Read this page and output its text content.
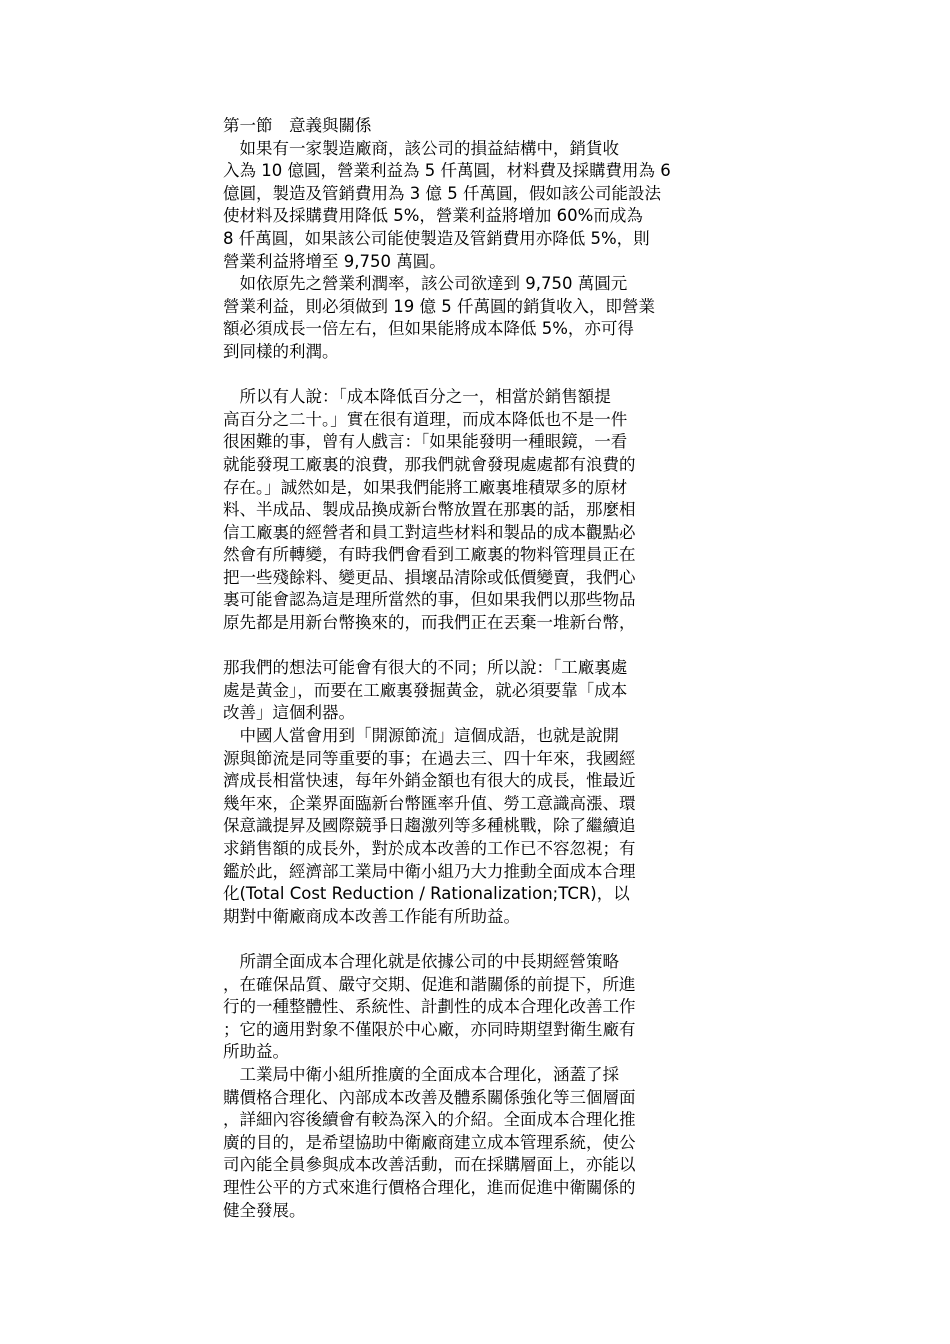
第一節　意義與關係
　如果有一家製造廠商，該公司的損益結構中，銷貨收
入為 10 億圓，營業利益為 5 仟萬圓，材料費及採購費用為 6
億圓，製造及管銷費用為 3 億 5 仟萬圓，假如該公司能設法
使材料及採購費用降低 5%，營業利益將增加 60%而成為
8 仟萬圓，如果該公司能使製造及管銷費用亦降低 5%，則
營業利益將增至 9,750 萬圓。
　如依原先之營業利潤率，該公司欲達到 9,750 萬圓元
營業利益，則必須做到 19 億 5 仟萬圓的銷貨收入，即營業
額必須成長一倍左右，但如果能將成本降低 5%，亦可得
到同樣的利潤。
　所以有人說：「成本降低百分之一，相當於銷售額提
高百分之二十。」實在很有道理，而成本降低也不是一件
很困難的事，曾有人戲言：「如果能發明一種眼鏡，一看
就能發現工廠裏的浪費，那我們就會發現處處都有浪費的
存在。」誠然如是，如果我們能將工廠裏堆積眾多的原材
料、半成品、製成品換成新台幣放置在那裏的話，那麼相
信工廠裏的經營者和員工對這些材料和製品的成本觀點必
然會有所轉變，有時我們會看到工廠裏的物料管理員正在
把一些殘餘料、變更品、損壞品清除或低價變賣，我們心
裏可能會認為這是理所當然的事，但如果我們以那些物品
原先都是用新台幣換來的，而我們正在丟棄一堆新台幣，
那我們的想法可能會有很大的不同；所以說：「工廠裏處
處是黃金」，而要在工廠裏發掘黃金，就必須要靠「成本
改善」這個利器。
　中國人當會用到「開源節流」這個成語，也就是說開
源與節流是同等重要的事；在過去三、四十年來，我國經
濟成長相當快速，每年外銷金額也有很大的成長，惟最近
幾年來，企業界面臨新台幣匯率升值、勞工意識高漲、環
保意識提昇及國際競爭日趨激列等多種桃戰，除了繼續追
求銷售額的成長外，對於成本改善的工作已不容忽視；有
鑑於此，經濟部工業局中衛小組乃大力推動全面成本合理
化(Total Cost Reduction / Rationalization;TCR)，以
期對中衛廠商成本改善工作能有所助益。
　所謂全面成本合理化就是依據公司的中長期經營策略
，在確保品質、嚴守交期、促進和諧關係的前提下，所進
行的一種整體性、系統性、計劃性的成本合理化改善工作
；它的適用對象不僅限於中心廠，亦同時期望對衛生廠有
所助益。
　工業局中衛小組所推廣的全面成本合理化，涵蓋了採
購價格合理化、內部成本改善及體系關係強化等三個層面
，詳細內容後續會有較為深入的介紹。全面成本合理化推
廣的目的，是希望協助中衛廠商建立成本管理系統，使公
司內能全員參與成本改善活動，而在採購層面上，亦能以
理性公平的方式來進行價格合理化，進而促進中衛關係的
健全發展。
